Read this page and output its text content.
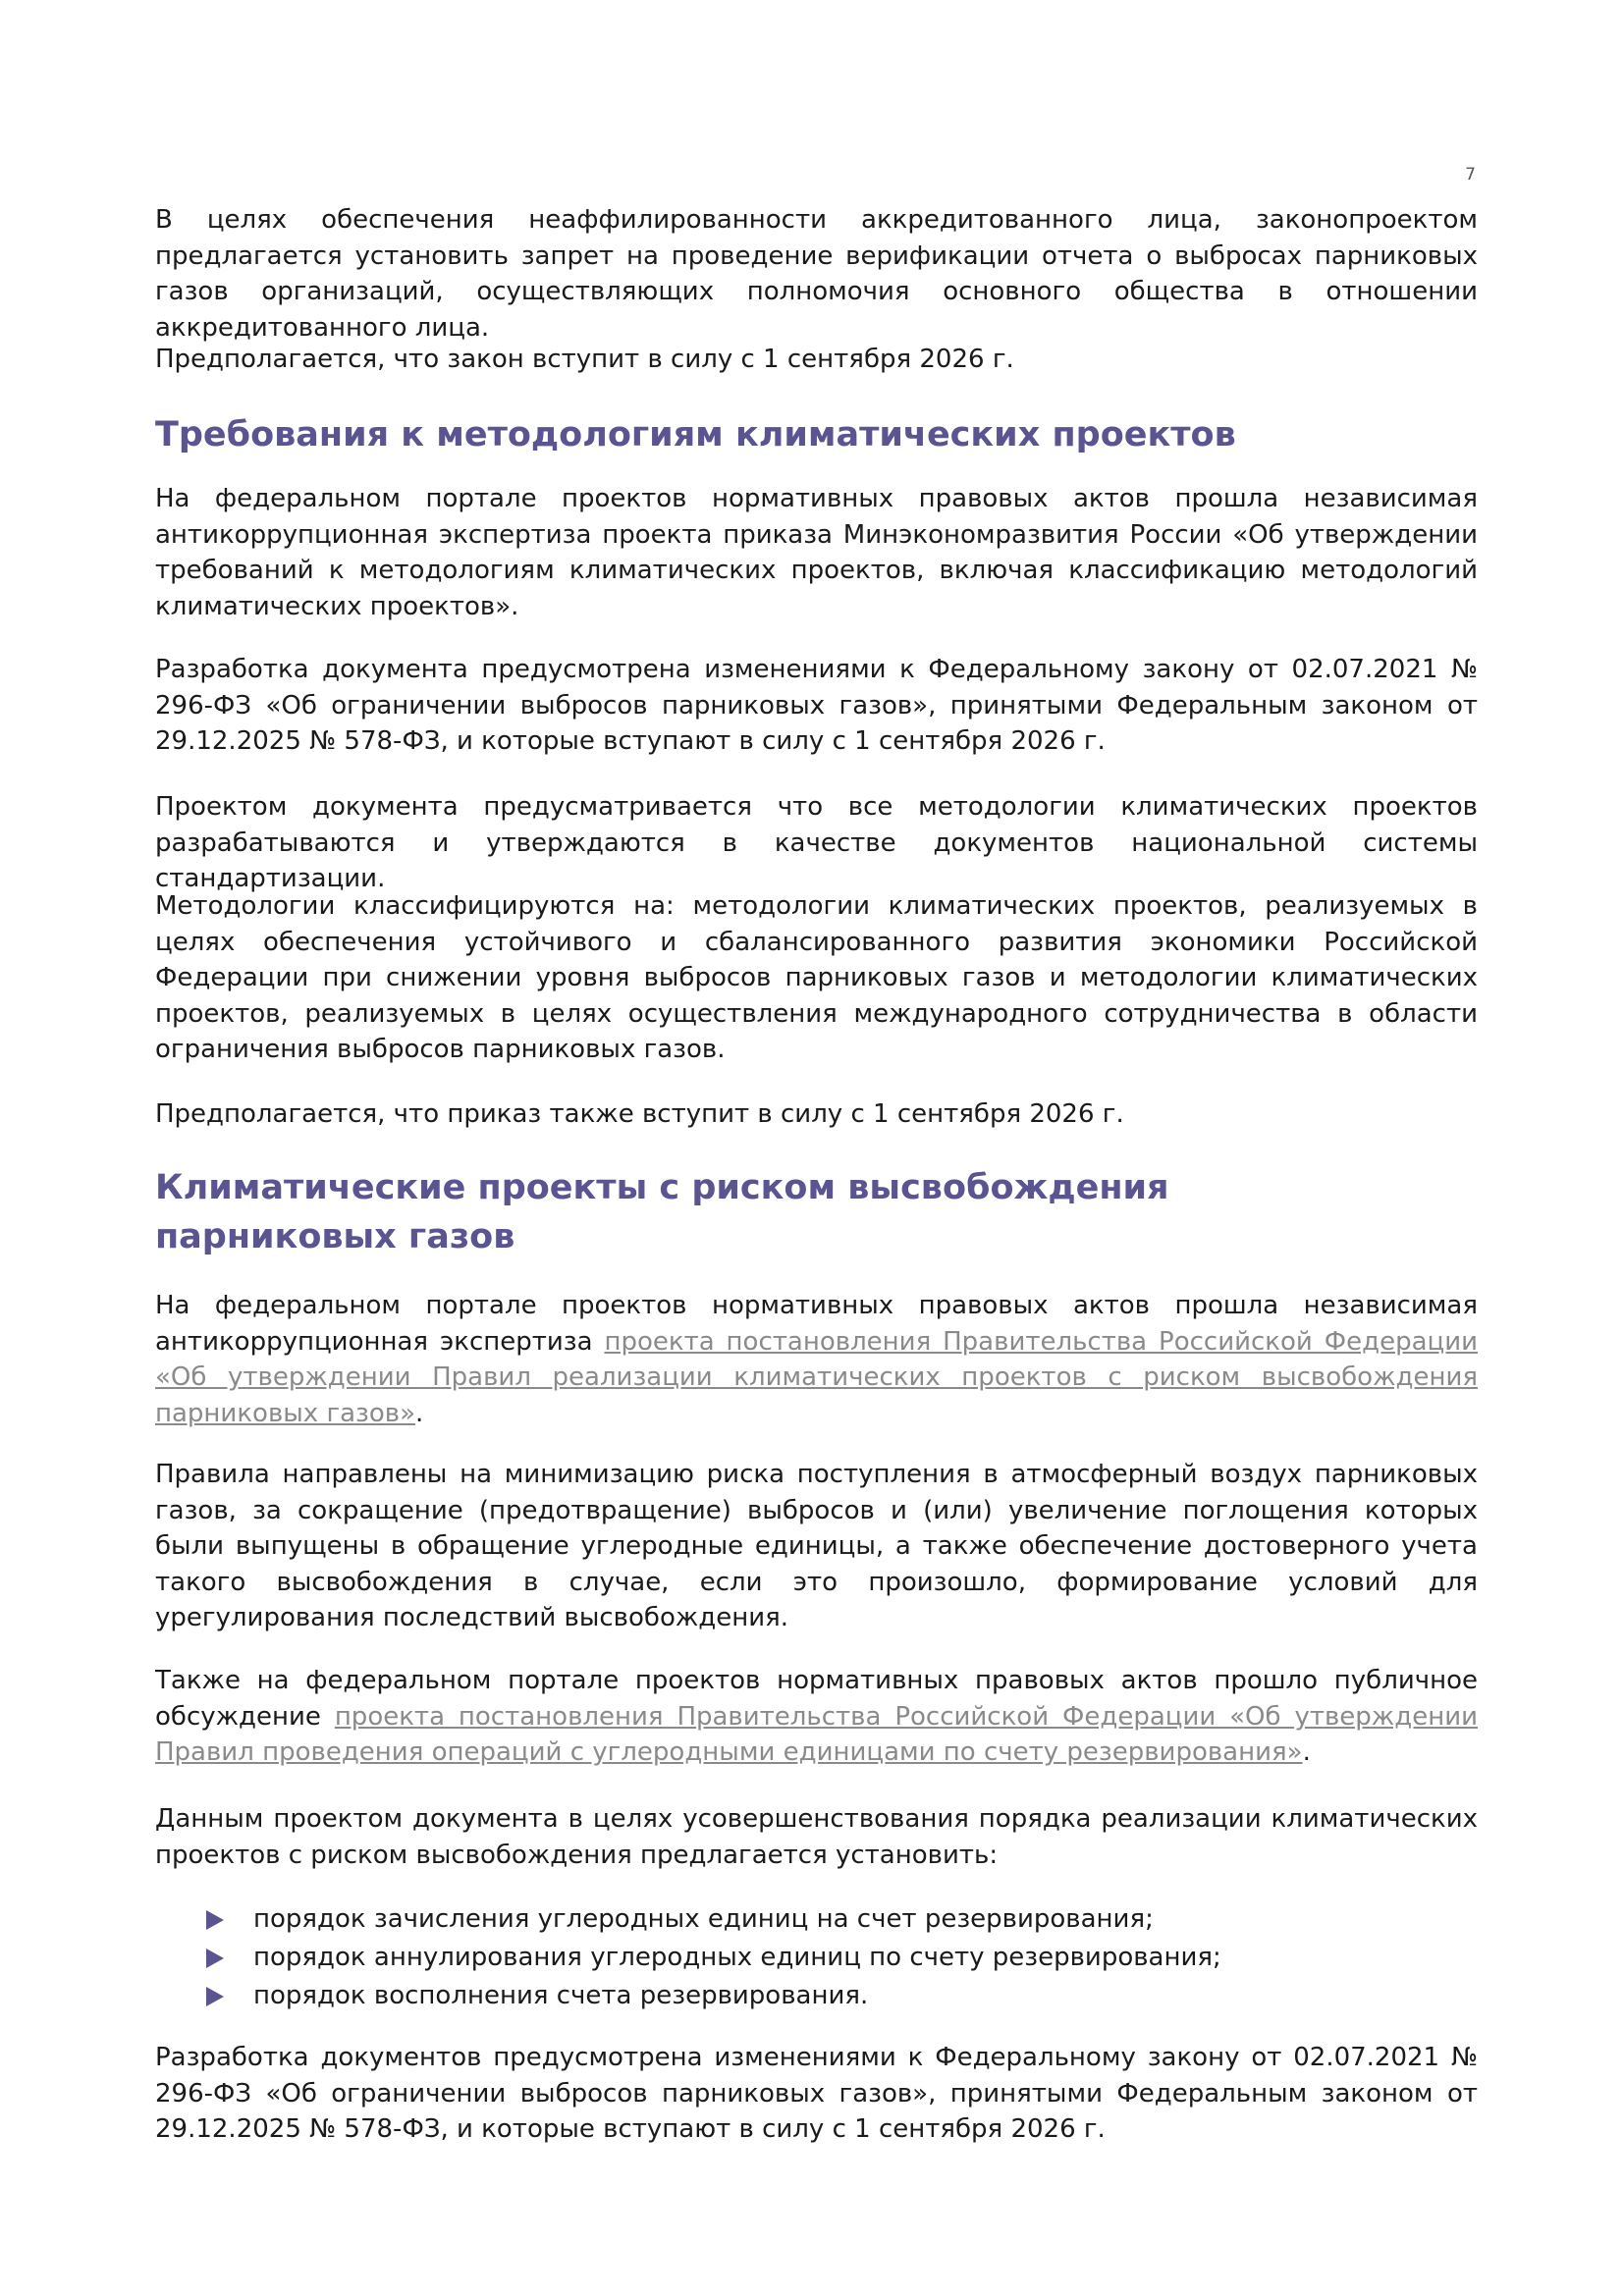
7

В целях обеспечения неаффилированности аккредитованного лица, законопроектом предлагается установить запрет на проведение верификации отчета о выбросах парниковых газов организаций, осуществляющих полномочия основного общества в отношении аккредитованного лица.

Предполагается, что закон вступит в силу с 1 сентября 2026 г.

Требования к методологиям климатических проектов

На федеральном портале проектов нормативных правовых актов прошла независимая антикоррупционная экспертиза проекта приказа Минэкономразвития России «Об утверждении требований к методологиям климатических проектов, включая классификацию методологий климатических проектов».

Разработка документа предусмотрена изменениями к Федеральному закону от 02.07.2021 № 296-ФЗ «Об ограничении выбросов парниковых газов», принятыми Федеральным законом от 29.12.2025 № 578-ФЗ, и которые вступают в силу с 1 сентября 2026 г.

Проектом документа предусматривается что все методологии климатических проектов разрабатываются и утверждаются в качестве документов национальной системы стандартизации.

Методологии классифицируются на: методологии климатических проектов, реализуемых в целях обеспечения устойчивого и сбалансированного развития экономики Российской Федерации при снижении уровня выбросов парниковых газов и методологии климатических проектов, реализуемых в целях осуществления международного сотрудничества в области ограничения выбросов парниковых газов.

Предполагается, что приказ также вступит в силу с 1 сентября 2026 г.

Климатические проекты с риском высвобождения парниковых газов

На федеральном портале проектов нормативных правовых актов прошла независимая антикоррупционная экспертиза проекта постановления Правительства Российской Федерации «Об утверждении Правил реализации климатических проектов с риском высвобождения парниковых газов».

Правила направлены на минимизацию риска поступления в атмосферный воздух парниковых газов, за сокращение (предотвращение) выбросов и (или) увеличение поглощения которых были выпущены в обращение углеродные единицы, а также обеспечение достоверного учета такого высвобождения в случае, если это произошло, формирование условий для урегулирования последствий высвобождения.

Также на федеральном портале проектов нормативных правовых актов прошло публичное обсуждение проекта постановления Правительства Российской Федерации «Об утверждении Правил проведения операций с углеродными единицами по счету резервирования».

Данным проектом документа в целях усовершенствования порядка реализации климатических проектов с риском высвобождения предлагается установить:

порядок зачисления углеродных единиц на счет резервирования;
порядок аннулирования углеродных единиц по счету резервирования;
порядок восполнения счета резервирования.

Разработка документов предусмотрена изменениями к Федеральному закону от 02.07.2021 № 296-ФЗ «Об ограничении выбросов парниковых газов», принятыми Федеральным законом от 29.12.2025 № 578-ФЗ, и которые вступают в силу с 1 сентября 2026 г.
